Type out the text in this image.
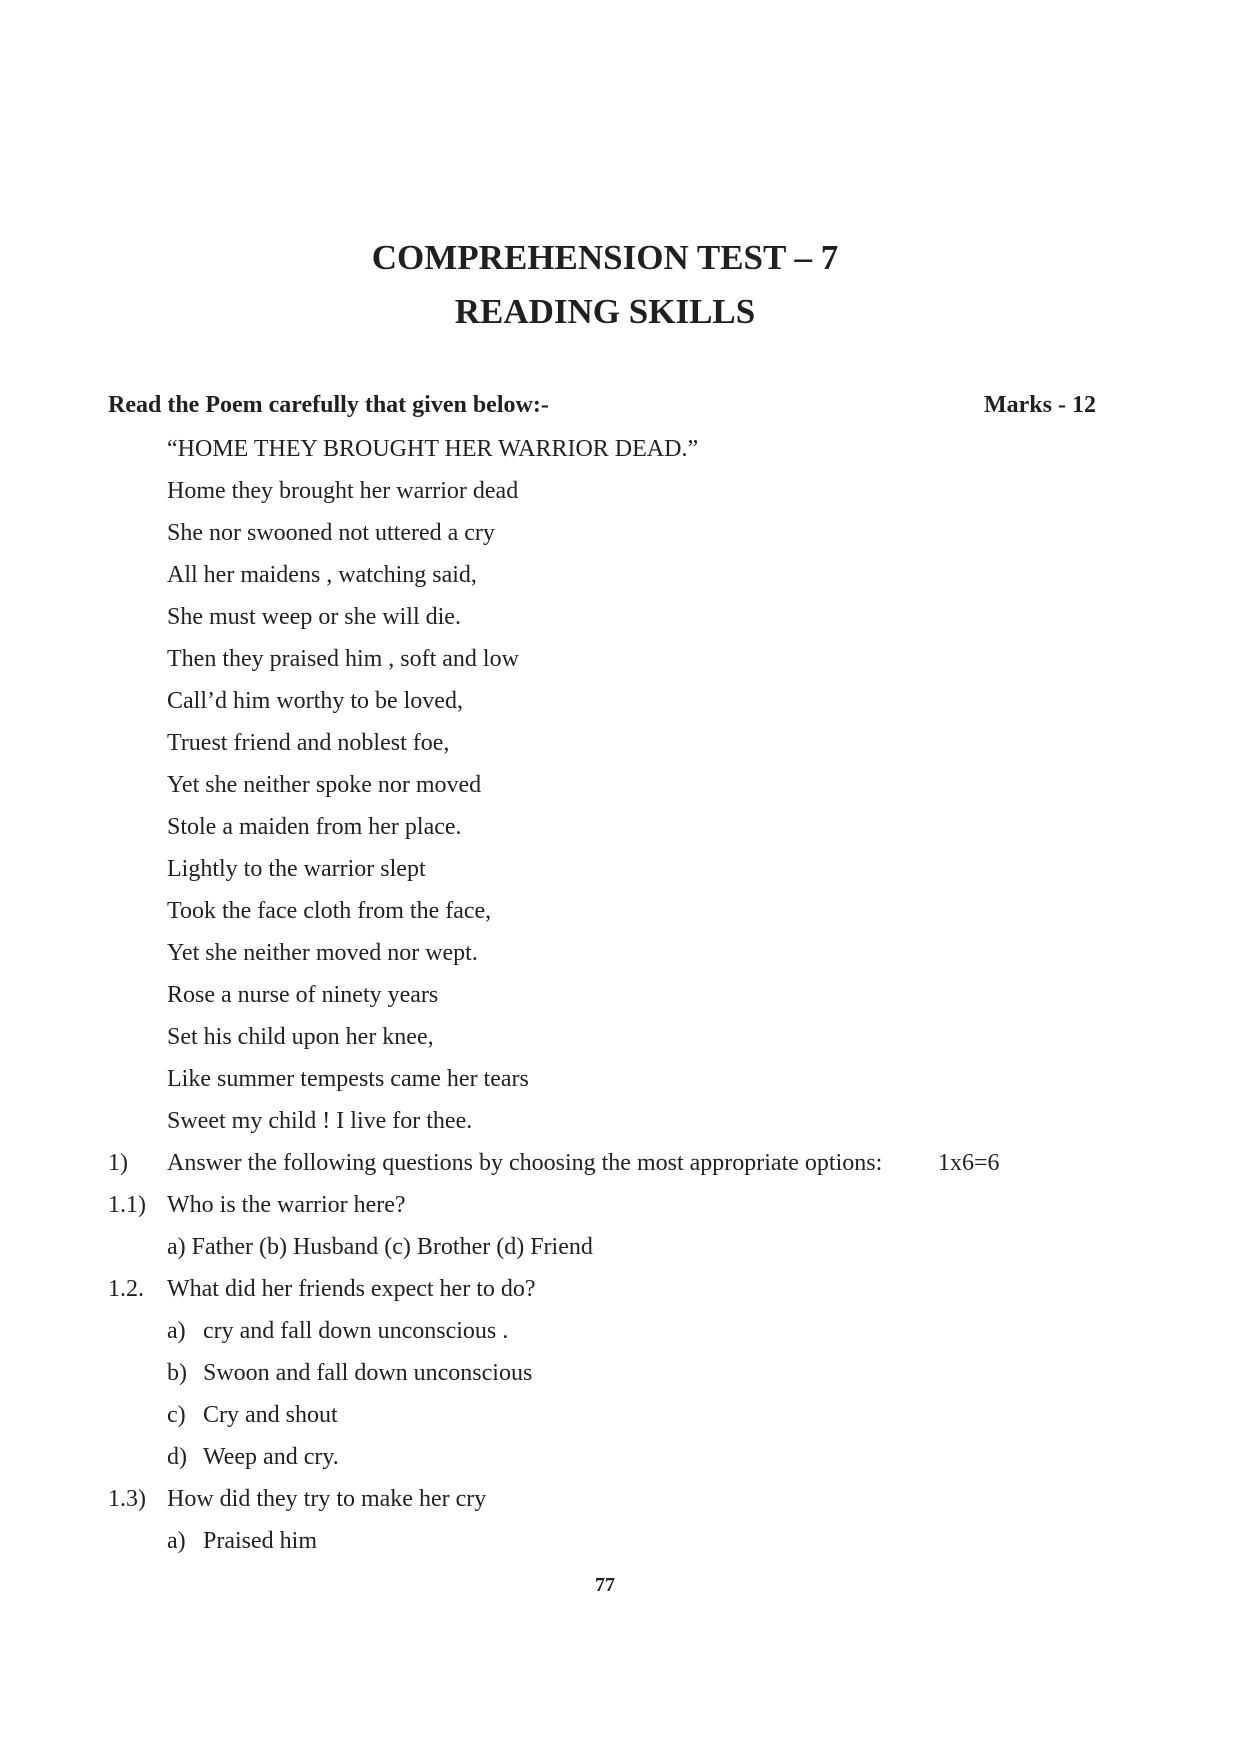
COMPREHENSION TEST – 7
READING SKILLS
Read the Poem carefully that given below:-	Marks - 12
“HOME THEY BROUGHT HER WARRIOR DEAD.”
Home they brought her warrior dead
She nor swooned not uttered a cry
All her maidens , watching said,
She must weep or she will die.
Then they praised him , soft and low
Call’d him worthy to be loved,
Truest friend and noblest foe,
Yet she neither spoke nor moved
Stole a maiden from her place.
Lightly to the warrior slept
Took the face cloth from the face,
Yet she neither moved nor wept.
Rose a nurse of ninety years
Set his child upon her knee,
Like summer tempests came her tears
Sweet my child ! I live for thee.
1) Answer the following questions by choosing the most appropriate options: 1x6=6
1.1) Who is the warrior here?
a) Father (b) Husband (c) Brother (d) Friend
1.2. What did her friends expect her to do?
a) cry and fall down unconscious .
b) Swoon and fall down unconscious
c) Cry and shout
d) Weep and cry.
1.3) How did they try to make her cry
a) Praised him
77
